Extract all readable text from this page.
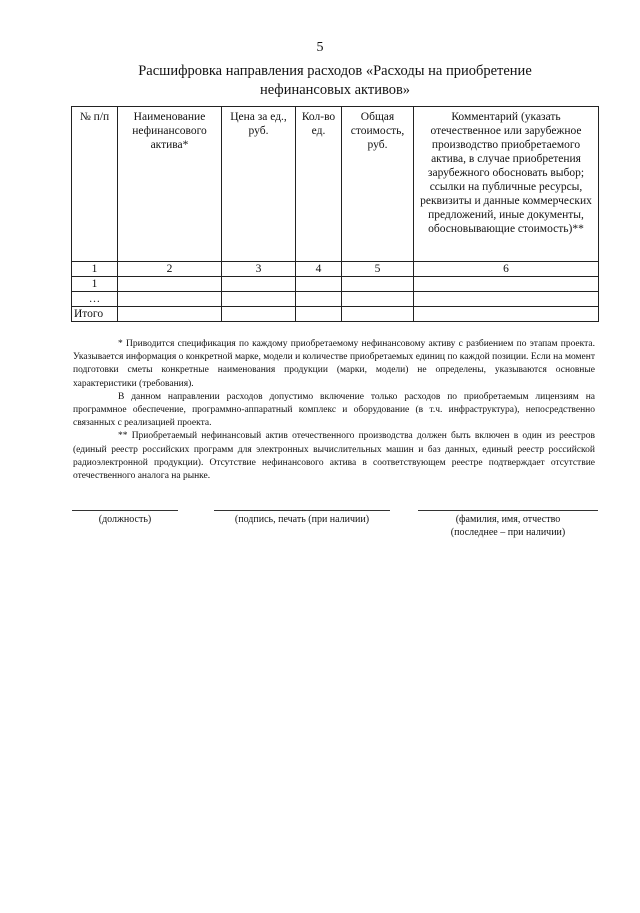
5
Расшифровка направления расходов «Расходы на приобретение нефинансовых активов»
№ п/п	Наименование нефинансового актива*	Цена за ед., руб.	Кол-во ед.	Общая стоимость, руб.	Комментарий (указать отечественное или зарубежное производство приобретаемого актива, в случае приобретения зарубежного обосновать выбор; ссылки на публичные ресурсы, реквизиты и данные коммерческих предложений, иные документы, обосновывающие стоимость)**
1	2	3	4	5	6
1					
…					
Итого					

* Приводится спецификация по каждому приобретаемому нефинансовому активу с разбиением по этапам проекта. Указывается информация о конкретной марке, модели и количестве приобретаемых единиц по каждой позиции. Если на момент подготовки сметы конкретные наименования продукции (марки, модели) не определены, указываются основные характеристики (требования).

В данном направлении расходов допустимо включение только расходов по приобретаемым лицензиям на программное обеспечение, программно-аппаратный комплекс и оборудование (в т.ч. инфраструктура), непосредственно связанных с реализацией проекта.

** Приобретаемый нефинансовый актив отечественного производства должен быть включен в один из реестров (единый реестр российских программ для электронных вычислительных машин и баз данных, единый реестр российской радиоэлектронной продукции). Отсутствие нефинансового актива в соответствующем реестре подтверждает отсутствие отечественного аналога на рынке.

(должность)	(подпись, печать (при наличии)	(фамилия, имя, отчество
(последнее – при наличии)
